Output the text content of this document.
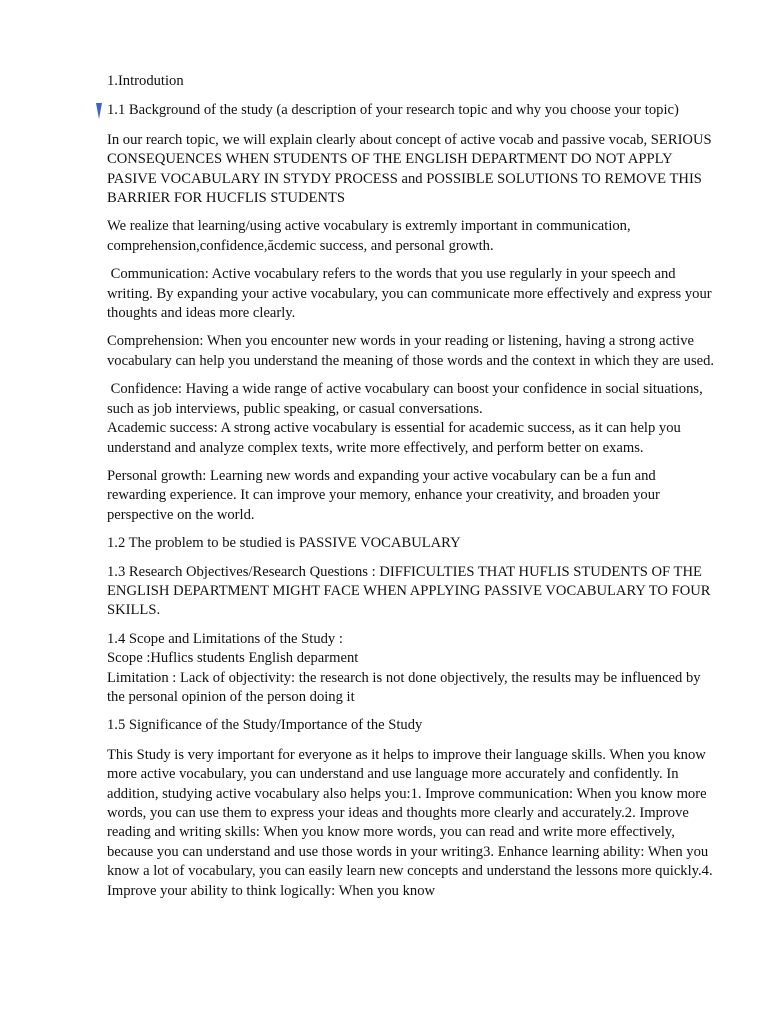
1.Introdution

1.1 Background of the study (a description of your research topic and why you choose your topic)

In our rearch topic, we will explain clearly about concept of active vocab and passive vocab, SERIOUS CONSEQUENCES WHEN STUDENTS OF THE ENGLISH DEPARTMENT DO NOT APPLY PASIVE VOCABULARY IN STYDY PROCESS and POSSIBLE SOLUTIONS TO REMOVE THIS BARRIER FOR HUCFLIS STUDENTS

We realize that learning/using active vocabulary is extremly important in communication, comprehension,confidence,ăcdemic success, and personal growth.

Communication: Active vocabulary refers to the words that you use regularly in your speech and writing. By expanding your active vocabulary, you can communicate more effectively and express your thoughts and ideas more clearly.

Comprehension: When you encounter new words in your reading or listening, having a strong active vocabulary can help you understand the meaning of those words and the context in which they are used.

Confidence: Having a wide range of active vocabulary can boost your confidence in social situations, such as job interviews, public speaking, or casual conversations.

Academic success: A strong active vocabulary is essential for academic success, as it can help you understand and analyze complex texts, write more effectively, and perform better on exams.

Personal growth: Learning new words and expanding your active vocabulary can be a fun and rewarding experience. It can improve your memory, enhance your creativity, and broaden your perspective on the world.

1.2 The problem to be studied is PASSIVE VOCABULARY

1.3 Research Objectives/Research Questions : DIFFICULTIES THAT HUFLIS STUDENTS OF THE ENGLISH DEPARTMENT MIGHT FACE WHEN APPLYING PASSIVE VOCABULARY TO FOUR SKILLS.

1.4 Scope and Limitations of the Study :

Scope :Huflics students English deparment

Limitation : Lack of objectivity: the research is not done objectively, the results may be influenced by the personal opinion of the person doing it

1.5 Significance of the Study/Importance of the Study

This Study is very important for everyone as it helps to improve their language skills. When you know more active vocabulary, you can understand and use language more accurately and confidently. In addition, studying active vocabulary also helps you:1. Improve communication: When you know more words, you can use them to express your ideas and thoughts more clearly and accurately.2. Improve reading and writing skills: When you know more words, you can read and write more effectively, because you can understand and use those words in your writing3. Enhance learning ability: When you know a lot of vocabulary, you can easily learn new concepts and understand the lessons more quickly.4. Improve your ability to think logically: When you know
